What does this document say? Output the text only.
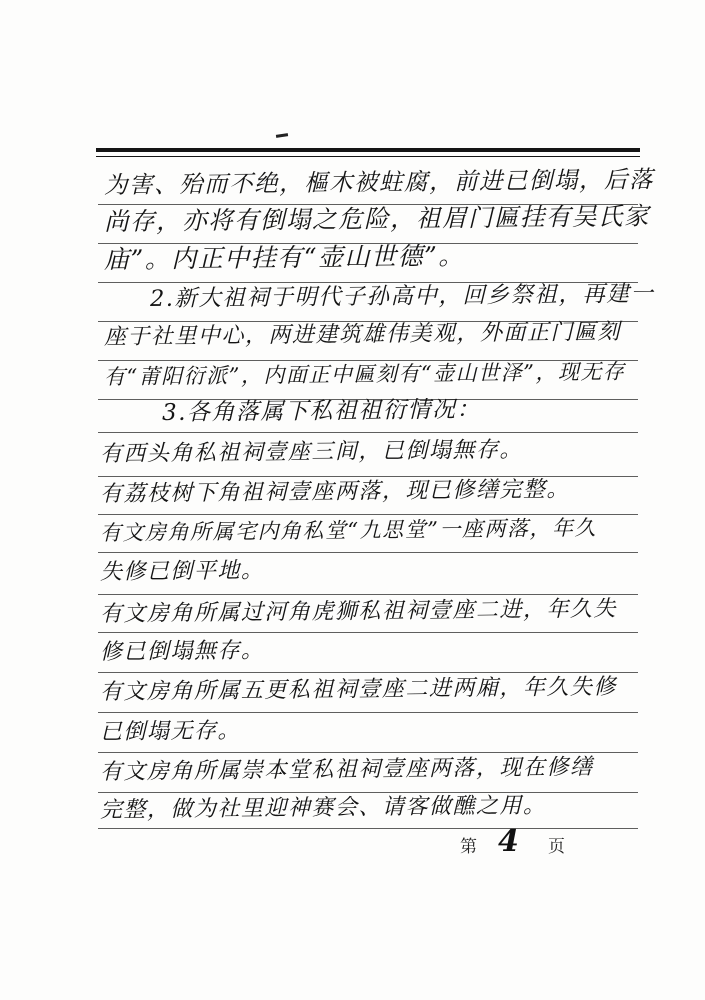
为害、殆而不绝，樞木被蛀腐，前进已倒塌，后落
尚存，亦将有倒塌之危险，祖眉门匾挂有吴氏家
庙”。内正中挂有“壶山世德”。
2.新大祖祠于明代子孙高中，回乡祭祖，再建一
座于社里中心，两进建筑雄伟美观，外面正门匾刻
有“莆阳衍派”，内面正中匾刻有“壶山世泽”，现无存
3.各角落属下私祖祖衍情况：
有西头角私祖祠壹座三间，已倒塌無存。
有荔枝树下角祖祠壹座两落，现已修缮完整。
有文房角所属宅内角私堂“九思堂”一座两落，年久
失修已倒平地。
有文房角所属过河角虎狮私祖祠壹座二进，年久失
修已倒塌無存。
有文房角所属五更私祖祠壹座二进两廂，年久失修
已倒塌无存。
有文房角所属崇本堂私祖祠壹座两落，现在修缮
完整，做为社里迎神赛会、请客做醮之用。
第 4 页
